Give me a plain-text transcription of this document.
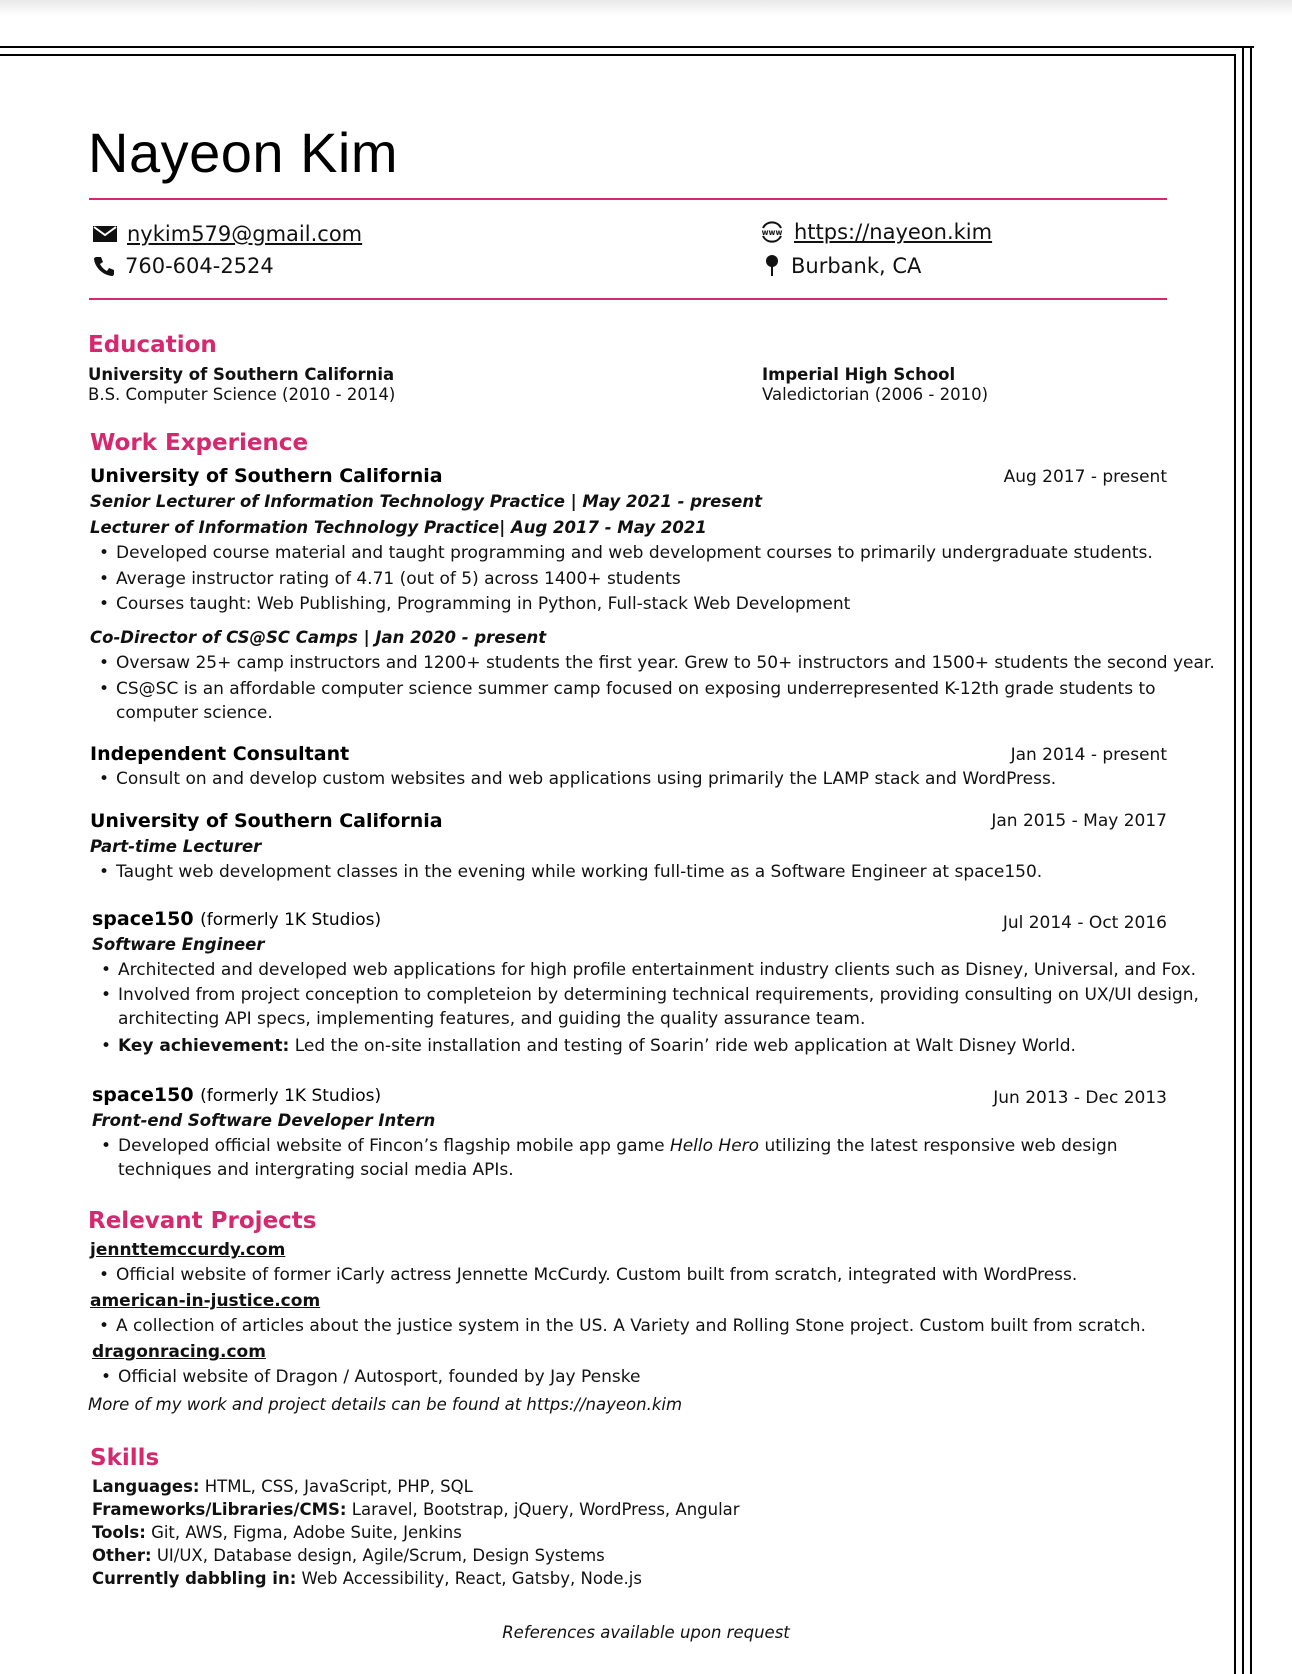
Nayeon Kim
nykim579@gmail.com
760-604-2524
www https://nayeon.kim
Burbank, CA
Education
University of Southern California
B.S. Computer Science (2010 - 2014)
Imperial High School
Valedictorian (2006 - 2010)
Work Experience
University of Southern California	Aug 2017 - present
Senior Lecturer of Information Technology Practice | May 2021 - present
Lecturer of Information Technology Practice| Aug 2017 - May 2021
• Developed course material and taught programming and web development courses to primarily undergraduate students.
• Average instructor rating of 4.71 (out of 5) across 1400+ students
• Courses taught: Web Publishing, Programming in Python, Full-stack Web Development
Co-Director of CS@SC Camps | Jan 2020 - present
• Oversaw 25+ camp instructors and 1200+ students the first year. Grew to 50+ instructors and 1500+ students the second year.
• CS@SC is an affordable computer science summer camp focused on exposing underrepresented K-12th grade students to computer science.
Independent Consultant	Jan 2014 - present
• Consult on and develop custom websites and web applications using primarily the LAMP stack and WordPress.
University of Southern California	Jan 2015 - May 2017
Part-time Lecturer
• Taught web development classes in the evening while working full-time as a Software Engineer at space150.
space150 (formerly 1K Studios)	Jul 2014 - Oct 2016
Software Engineer
• Architected and developed web applications for high profile entertainment industry clients such as Disney, Universal, and Fox.
• Involved from project conception to completeion by determining technical requirements, providing consulting on UX/UI design, architecting API specs, implementing features, and guiding the quality assurance team.
• Key achievement: Led the on-site installation and testing of Soarin’ ride web application at Walt Disney World.
space150 (formerly 1K Studios)	Jun 2013 - Dec 2013
Front-end Software Developer Intern
• Developed official website of Fincon’s flagship mobile app game Hello Hero utilizing the latest responsive web design techniques and intergrating social media APIs.
Relevant Projects
jennttemccurdy.com
• Official website of former iCarly actress Jennette McCurdy. Custom built from scratch, integrated with WordPress.
american-in-justice.com
• A collection of articles about the justice system in the US. A Variety and Rolling Stone project. Custom built from scratch.
dragonracing.com
• Official website of Dragon / Autosport, founded by Jay Penske
More of my work and project details can be found at https://nayeon.kim
Skills
Languages: HTML, CSS, JavaScript, PHP, SQL
Frameworks/Libraries/CMS: Laravel, Bootstrap, jQuery, WordPress, Angular
Tools: Git, AWS, Figma, Adobe Suite, Jenkins
Other: UI/UX, Database design, Agile/Scrum, Design Systems
Currently dabbling in: Web Accessibility, React, Gatsby, Node.js
References available upon request
